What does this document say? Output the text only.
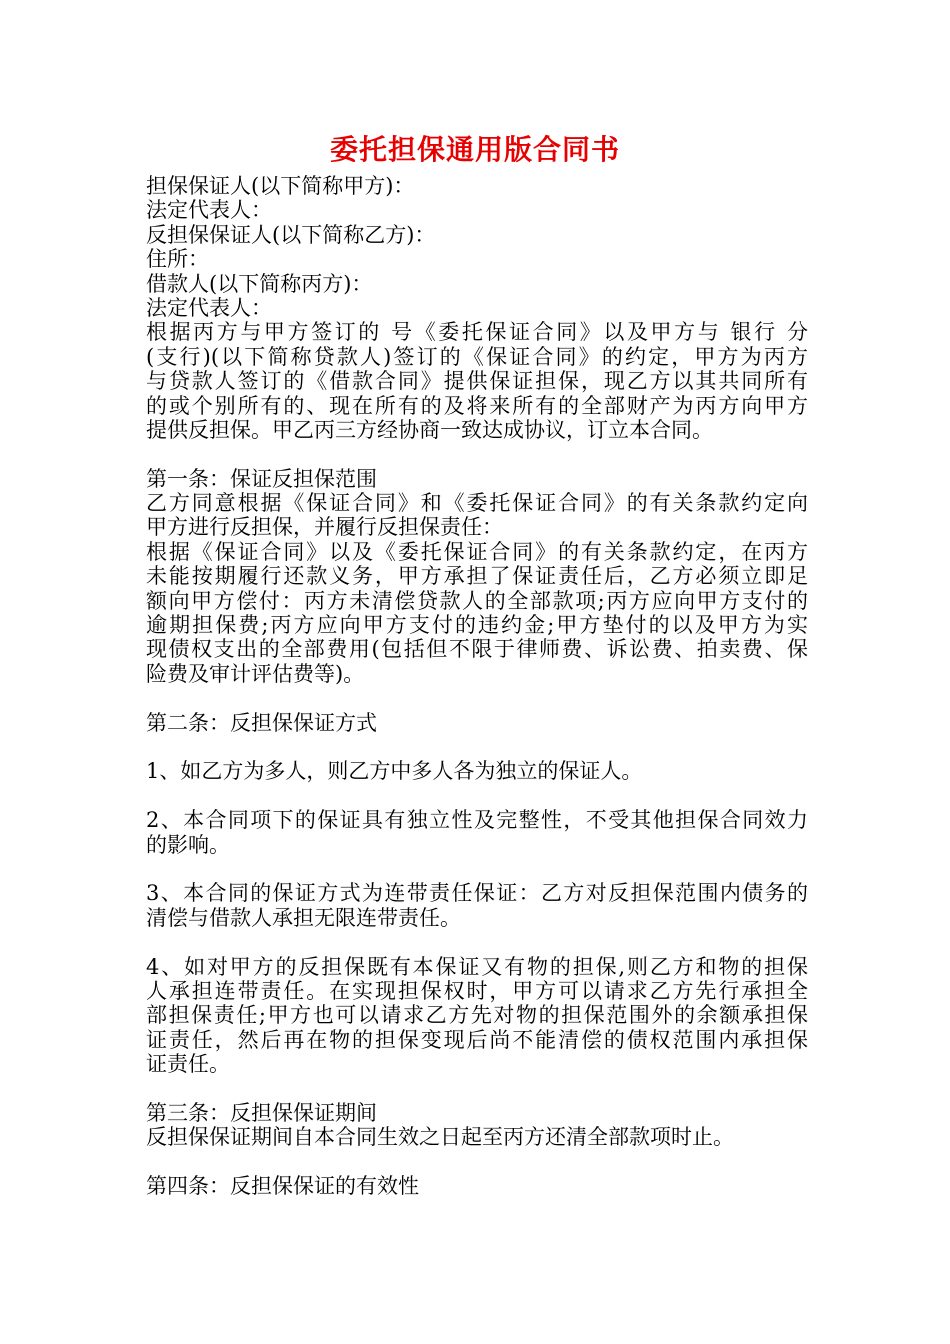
委托担保通用版合同书
担保保证人(以下简称甲方)：
法定代表人：
反担保保证人(以下简称乙方)：
住所：
借款人(以下简称丙方)：
法定代表人：
根据丙方与甲方签订的 号《委托保证合同》以及甲方与 银行 分
(支行)(以下简称贷款人)签订的《保证合同》的约定，甲方为丙方
与贷款人签订的《借款合同》提供保证担保，现乙方以其共同所有
的或个别所有的、现在所有的及将来所有的全部财产为丙方向甲方
提供反担保。甲乙丙三方经协商一致达成协议，订立本合同。
第一条：保证反担保范围
乙方同意根据《保证合同》和《委托保证合同》的有关条款约定向
甲方进行反担保，并履行反担保责任：
根据《保证合同》以及《委托保证合同》的有关条款约定，在丙方
未能按期履行还款义务，甲方承担了保证责任后，乙方必须立即足
额向甲方偿付：丙方未清偿贷款人的全部款项;丙方应向甲方支付的
逾期担保费;丙方应向甲方支付的违约金;甲方垫付的以及甲方为实
现债权支出的全部费用(包括但不限于律师费、诉讼费、拍卖费、保
险费及审计评估费等)。
第二条：反担保保证方式
1、如乙方为多人，则乙方中多人各为独立的保证人。
2、本合同项下的保证具有独立性及完整性，不受其他担保合同效力
的影响。
3、本合同的保证方式为连带责任保证：乙方对反担保范围内债务的
清偿与借款人承担无限连带责任。
4、如对甲方的反担保既有本保证又有物的担保,则乙方和物的担保
人承担连带责任。在实现担保权时，甲方可以请求乙方先行承担全
部担保责任;甲方也可以请求乙方先对物的担保范围外的余额承担保
证责任，然后再在物的担保变现后尚不能清偿的债权范围内承担保
证责任。
第三条：反担保保证期间
反担保保证期间自本合同生效之日起至丙方还清全部款项时止。
第四条：反担保保证的有效性
